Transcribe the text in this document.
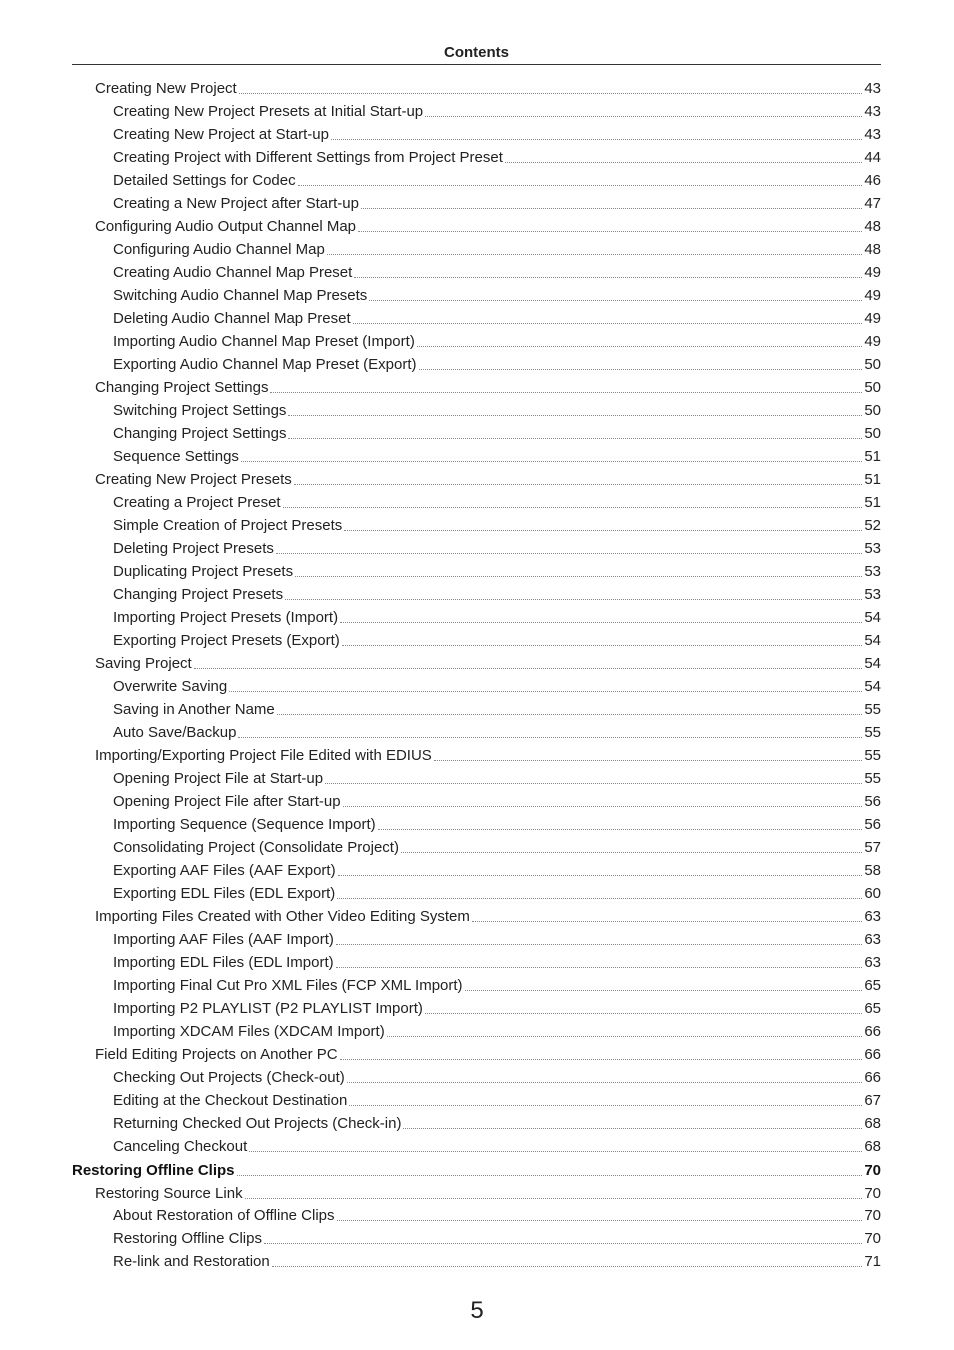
Contents
Creating New Project	43
Creating New Project Presets at Initial Start-up	43
Creating New Project at Start-up	43
Creating Project with Different Settings from Project Preset	44
Detailed Settings for Codec	46
Creating a New Project after Start-up	47
Configuring Audio Output Channel Map	48
Configuring Audio Channel Map	48
Creating Audio Channel Map Preset	49
Switching Audio Channel Map Presets	49
Deleting Audio Channel Map Preset	49
Importing Audio Channel Map Preset (Import)	49
Exporting Audio Channel Map Preset (Export)	50
Changing Project Settings	50
Switching Project Settings	50
Changing Project Settings	50
Sequence Settings	51
Creating New Project Presets	51
Creating a Project Preset	51
Simple Creation of Project Presets	52
Deleting Project Presets	53
Duplicating Project Presets	53
Changing Project Presets	53
Importing Project Presets (Import)	54
Exporting Project Presets (Export)	54
Saving Project	54
Overwrite Saving	54
Saving in Another Name	55
Auto Save/Backup	55
Importing/Exporting Project File Edited with EDIUS	55
Opening Project File at Start-up	55
Opening Project File after Start-up	56
Importing Sequence (Sequence Import)	56
Consolidating Project (Consolidate Project)	57
Exporting AAF Files (AAF Export)	58
Exporting EDL Files (EDL Export)	60
Importing Files Created with Other Video Editing System	63
Importing AAF Files (AAF Import)	63
Importing EDL Files (EDL Import)	63
Importing Final Cut Pro XML Files (FCP XML Import)	65
Importing P2 PLAYLIST (P2 PLAYLIST Import)	65
Importing XDCAM Files (XDCAM Import)	66
Field Editing Projects on Another PC	66
Checking Out Projects (Check-out)	66
Editing at the Checkout Destination	67
Returning Checked Out Projects (Check-in)	68
Canceling Checkout	68
Restoring Offline Clips	70
Restoring Source Link	70
About Restoration of Offline Clips	70
Restoring Offline Clips	70
Re-link and Restoration	71
5
